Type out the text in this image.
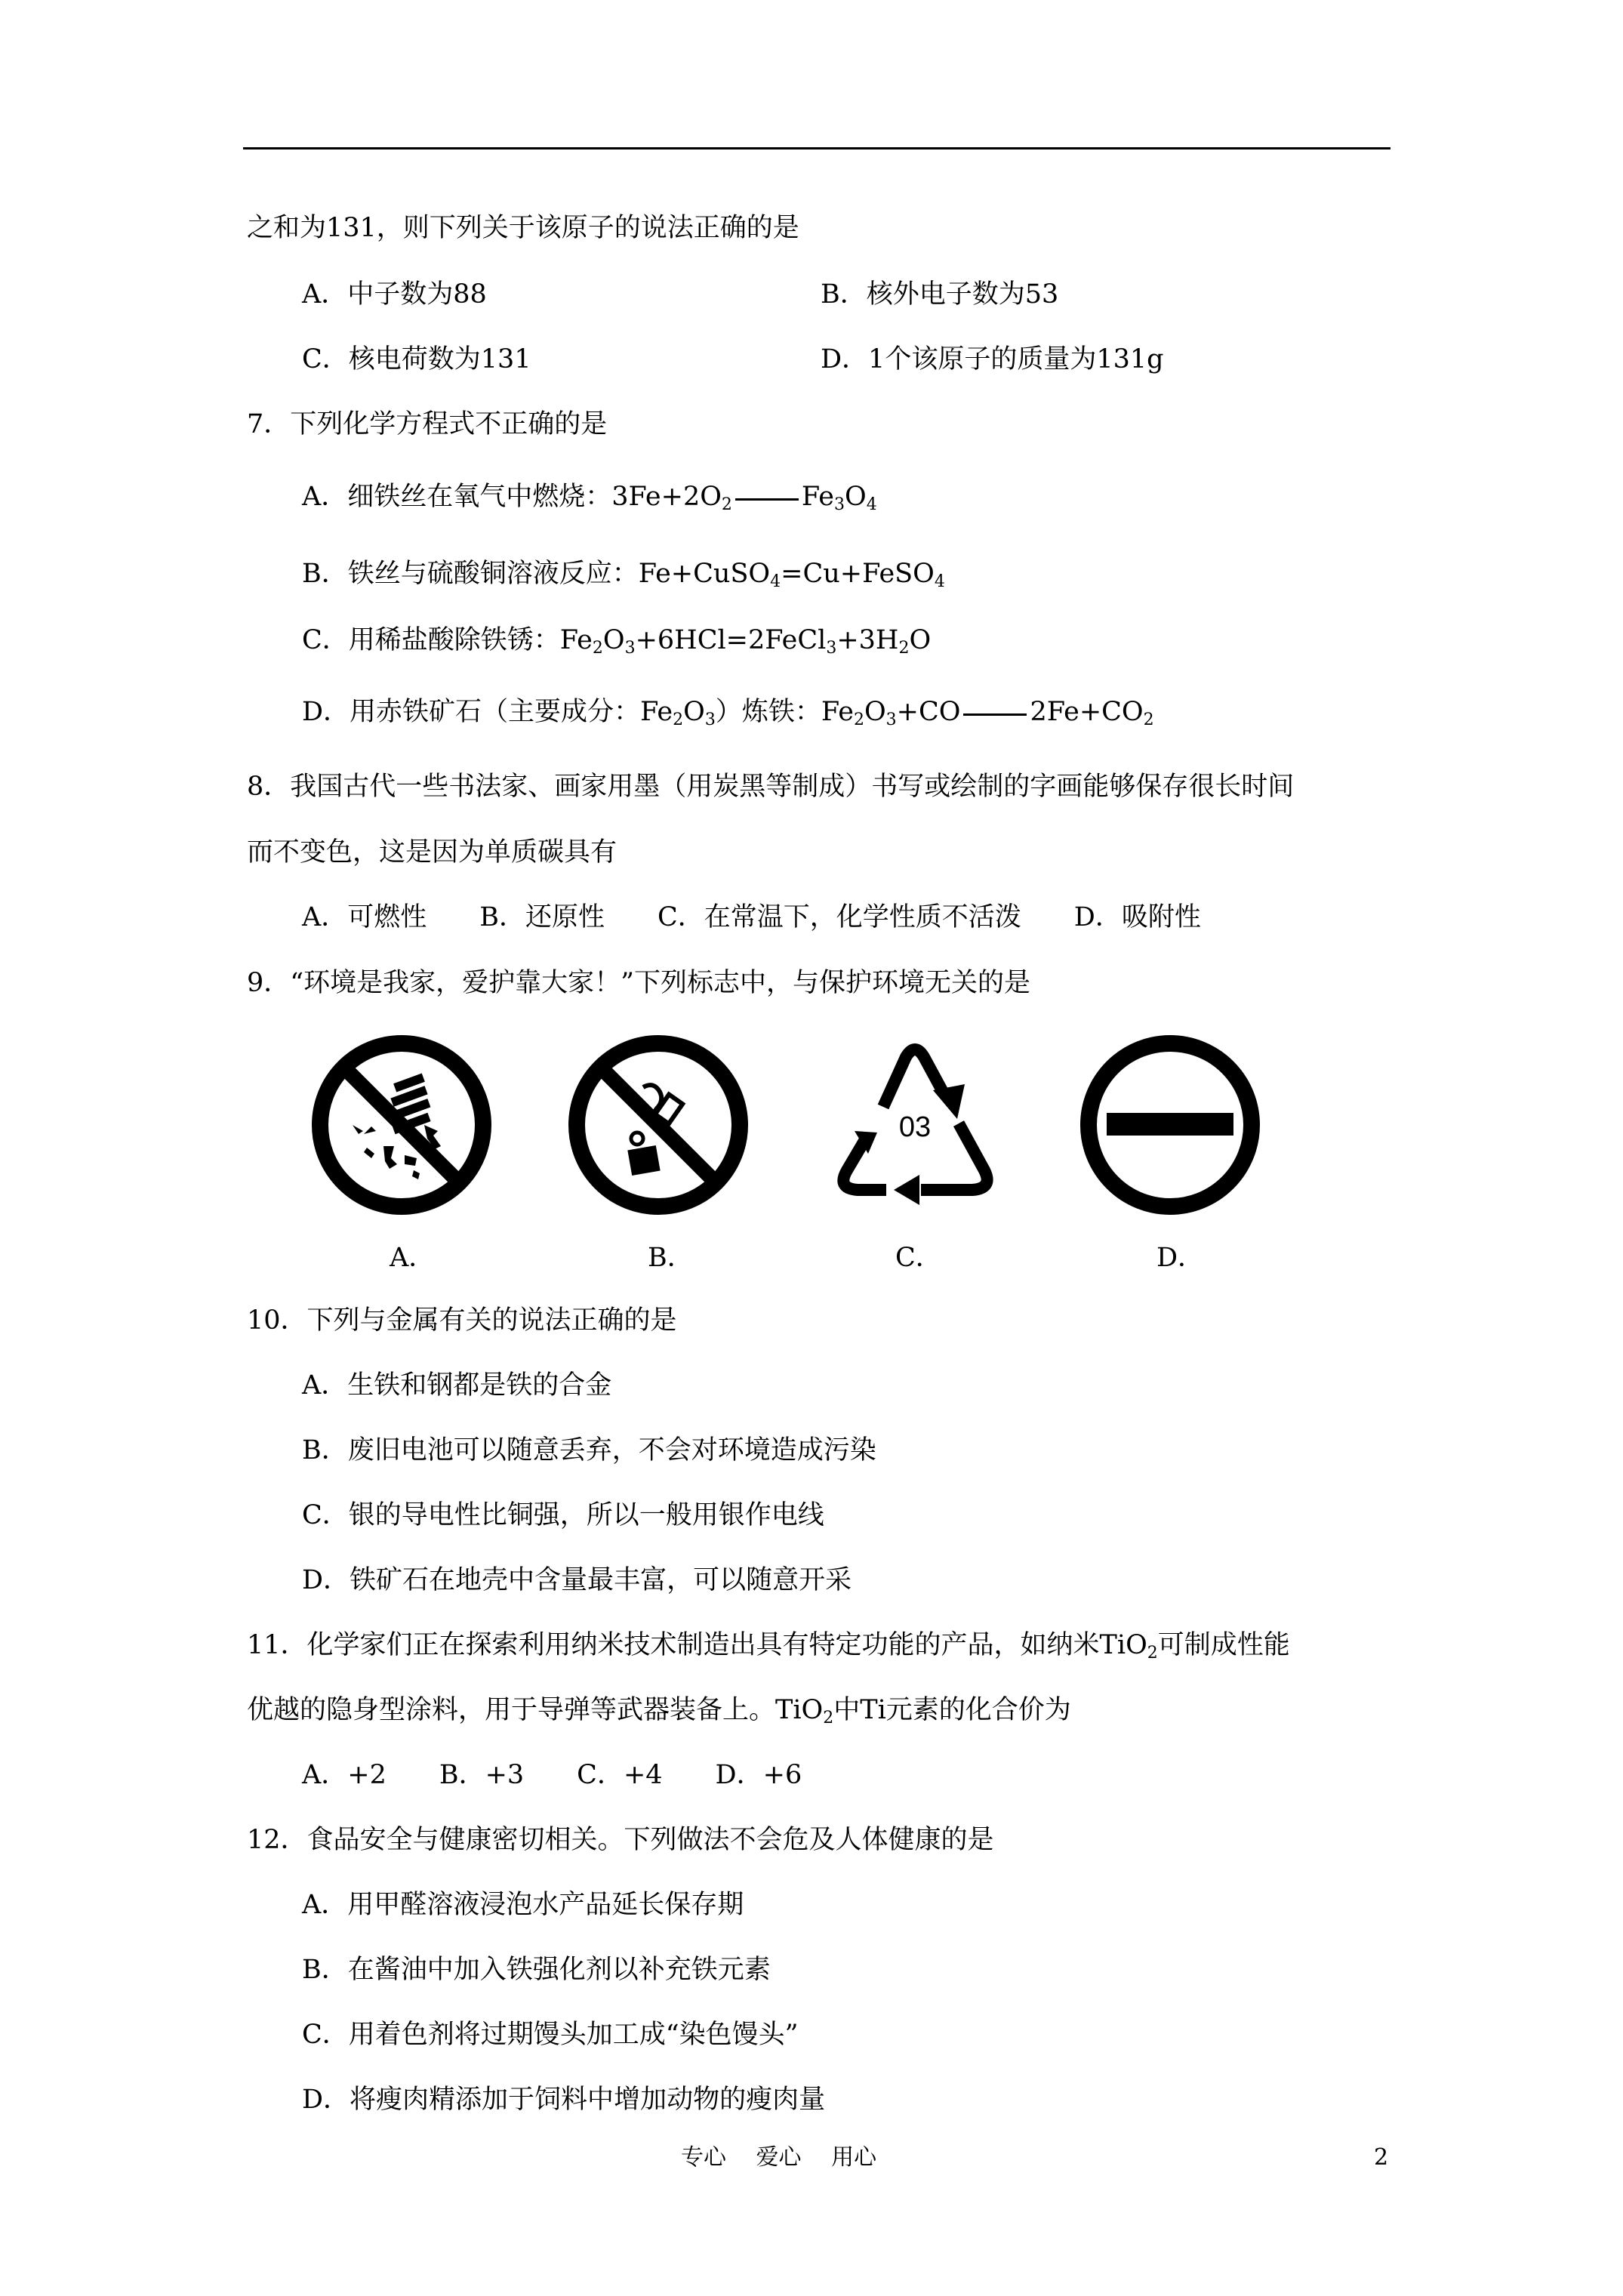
之和为131，则下列关于该原子的说法正确的是
A．中子数为88	B．核外电子数为53
C．核电荷数为131	D．1个该原子的质量为131g
7．下列化学方程式不正确的是
A．细铁丝在氧气中燃烧：$3Fe+2O_2$	$Fe_3O_4$
B．铁丝与硫酸铜溶液反应：Fe+CuSO$_4$=Cu+FeSO$_4$
C．用稀盐酸除铁锈：$Fe_2O_3+6HCl=2FeCl_3+3H_2O$
D．用赤铁矿石（主要成分：$Fe_2O_3$）炼铁：$Fe_2O_3+CO$	$2Fe+CO_2$
8．我国古代一些书法家、画家用墨（用炭黑等制成）书写或绘制的字画能够保存很长时间
而不变色，这是因为单质碳具有
A．可燃性　　B．还原性　　C．在常温下，化学性质不活泼　　D．吸附性
9．“环境是我家，爱护靠大家！”下列标志中，与保护环境无关的是
03
A．	B．	C．	D．
10．下列与金属有关的说法正确的是
A．生铁和钢都是铁的合金
B．废旧电池可以随意丢弃，不会对环境造成污染
C．银的导电性比铜强，所以一般用银作电线
D．铁矿石在地壳中含量最丰富，可以随意开采
11．化学家们正在探索利用纳米技术制造出具有特定功能的产品，如纳米TiO$_2$可制成性能
优越的隐身型涂料，用于导弹等武器装备上。TiO$_2$中Ti元素的化合价为
A．+2　　B．+3　　C．+4　　D．+6
12．食品安全与健康密切相关。下列做法不会危及人体健康的是
A．用甲醛溶液浸泡水产品延长保存期
B．在酱油中加入铁强化剂以补充铁元素
C．用着色剂将过期馒头加工成“染色馒头”
D．将瘦肉精添加于饲料中增加动物的瘦肉量
专心　 爱心　 用心	2
